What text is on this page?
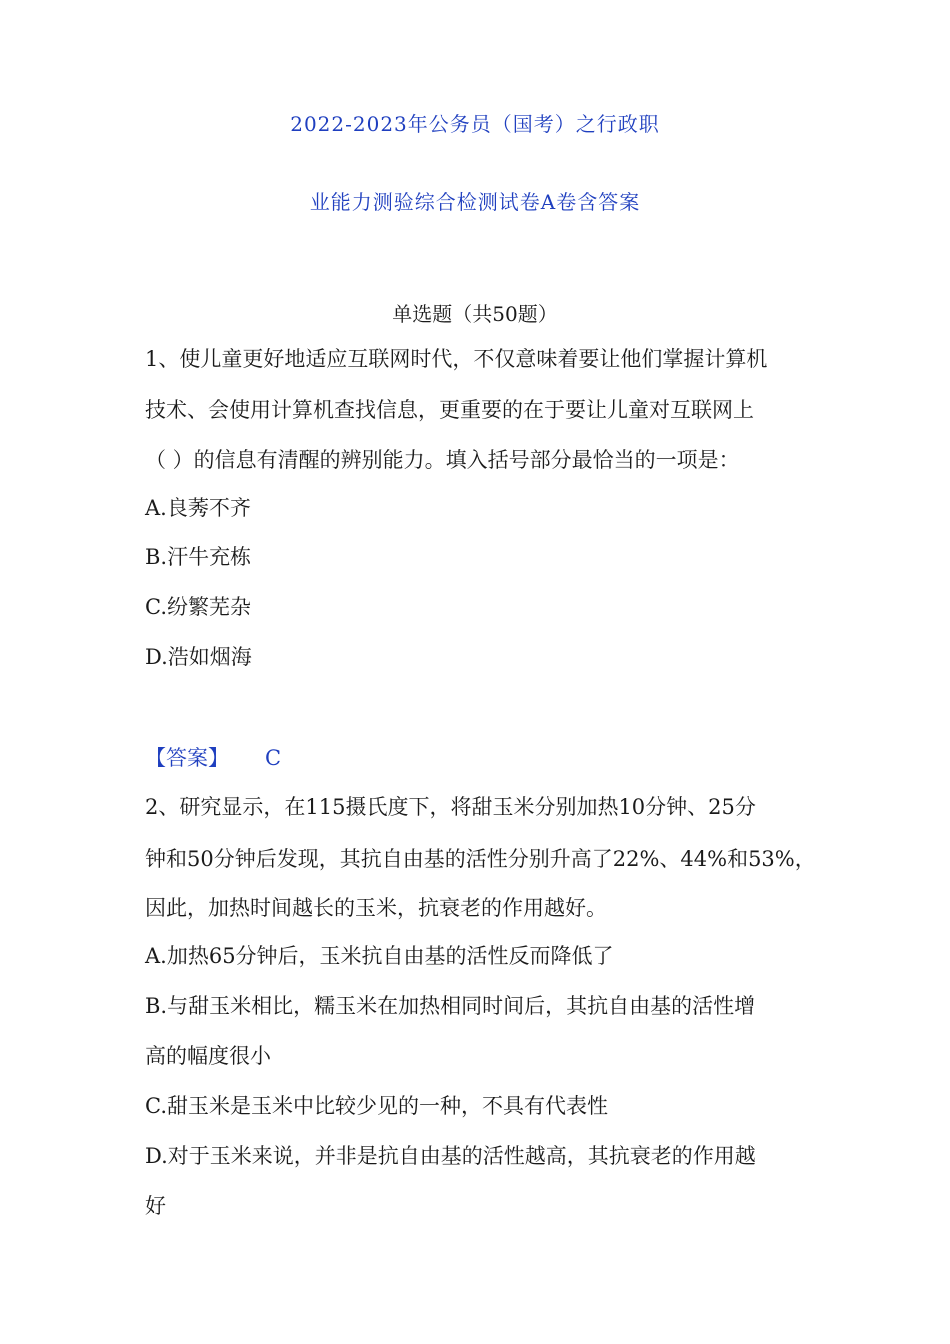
2022-2023年公务员（国考）之行政职
业能力测验综合检测试卷A卷含答案
单选题（共50题）
1、使儿童更好地适应互联网时代，不仅意味着要让他们掌握计算机
技术、会使用计算机查找信息，更重要的在于要让儿童对互联网上
（ ）的信息有清醒的辨别能力。填入括号部分最恰当的一项是：
A.良莠不齐
B.汗牛充栋
C.纷繁芜杂
D.浩如烟海
【答案】 C
2、研究显示，在115摄氏度下，将甜玉米分别加热10分钟、25分
钟和50分钟后发现，其抗自由基的活性分别升高了22%、44%和53%，
因此，加热时间越长的玉米，抗衰老的作用越好。
A.加热65分钟后，玉米抗自由基的活性反而降低了
B.与甜玉米相比，糯玉米在加热相同时间后，其抗自由基的活性增
高的幅度很小
C.甜玉米是玉米中比较少见的一种，不具有代表性
D.对于玉米来说，并非是抗自由基的活性越高，其抗衰老的作用越
好
